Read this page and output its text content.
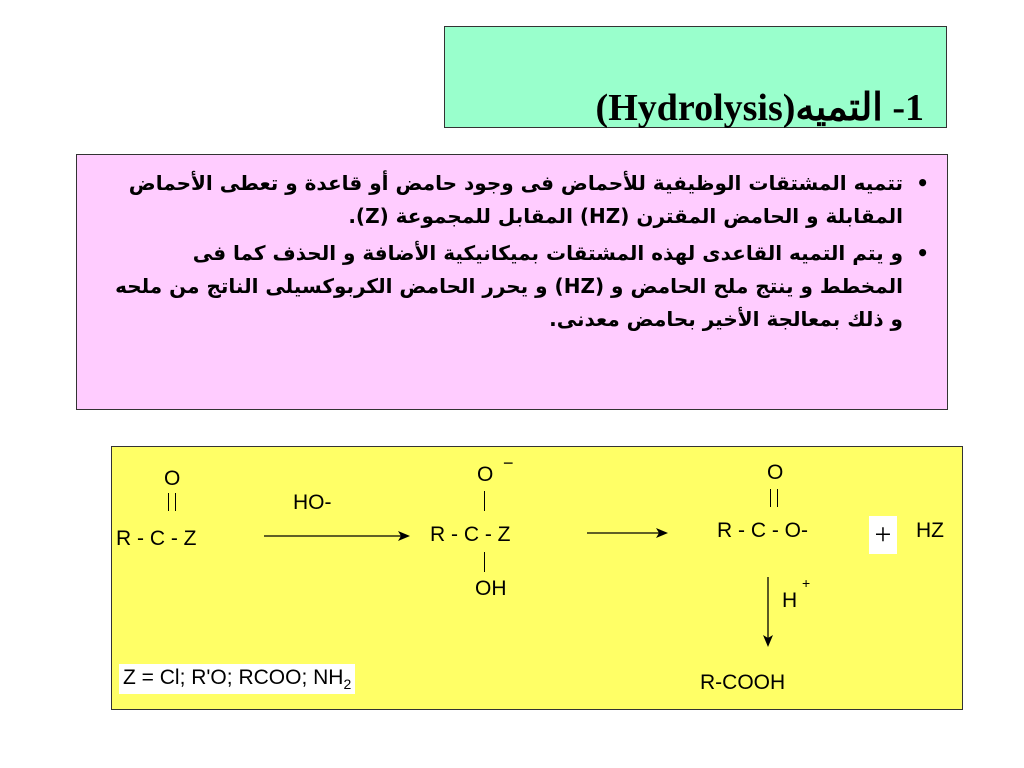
1- التميه(Hydrolysis)
•
تتميه المشتقات الوظيفية للأحماض فى وجود حامض أو قاعدة و تعطى الأحماض المقابلة و الحامض المقترن (HZ) المقابل للمجموعة (Z).
•
و يتم التميه القاعدى لهذه المشتقات بميكانيكية الأضافة و الحذف كما فى المخطط و ينتج ملح الحامض و (HZ) و يحرر الحامض الكربوكسيلى الناتج من ملحه و ذلك بمعالجة الأخير بحامض معدنى.
O
R - C - Z
HO-
O −
R - C - Z
OH
O
R - C - O- + HZ
H
+
R-COOH
Z = Cl; R'O; RCOO; $NH_2$
